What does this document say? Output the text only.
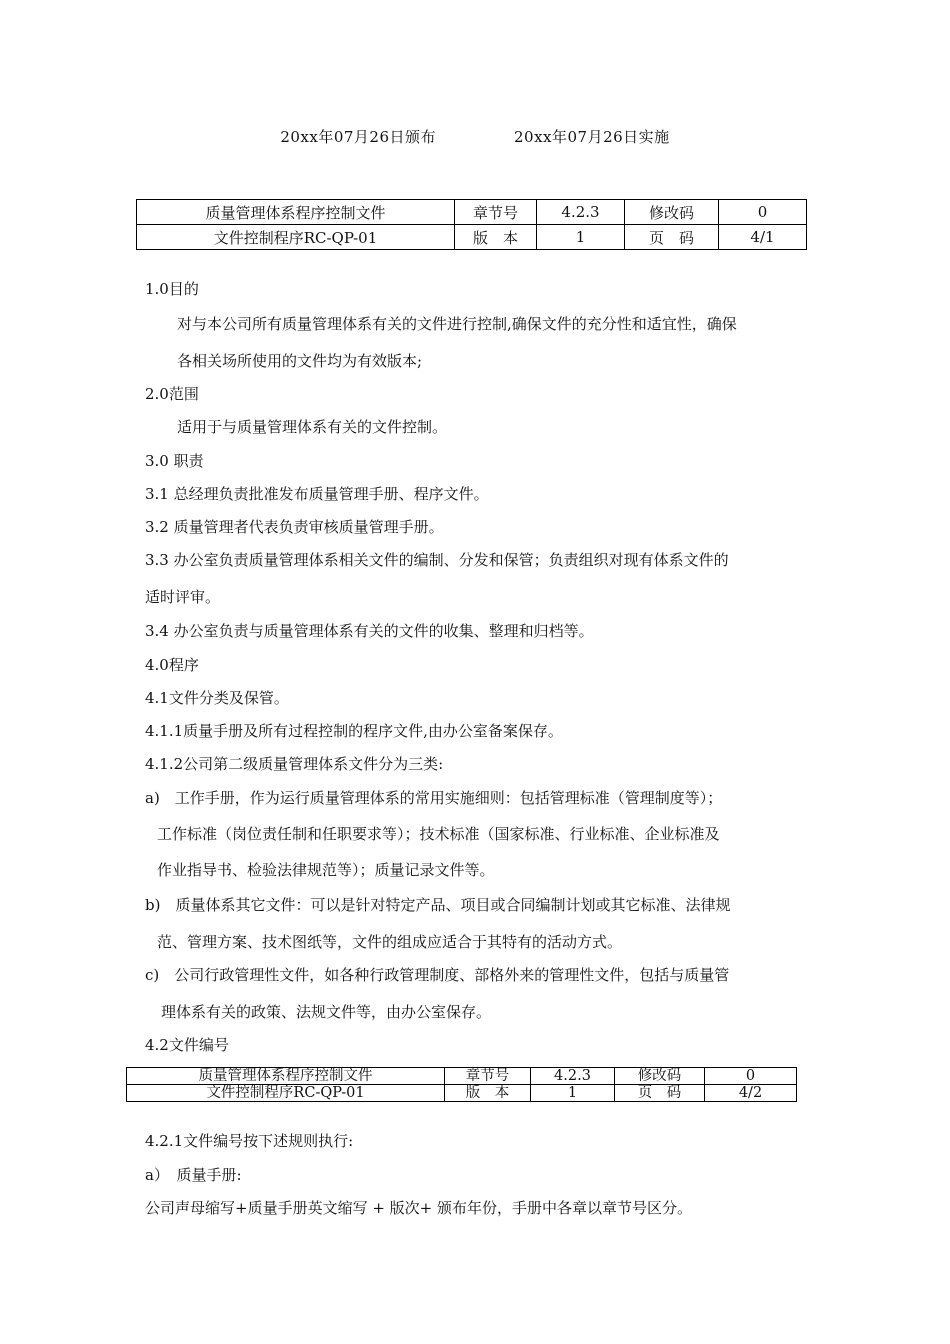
20xx年07月26日颁布	20xx年07月26日实施
质量管理体系程序控制文件	章节号	4.2.3	修改码	0
文件控制程序RC-QP-01	版　本	1	页　码	4/1
1.0目的
对与本公司所有质量管理体系有关的文件进行控制,确保文件的充分性和适宜性，确保
各相关场所使用的文件均为有效版本;
2.0范围
适用于与质量管理体系有关的文件控制。
3.0 职责
3.1 总经理负责批准发布质量管理手册、程序文件。
3.2 质量管理者代表负责审核质量管理手册。
3.3 办公室负责质量管理体系相关文件的编制、分发和保管；负责组织对现有体系文件的
适时评审。
3.4 办公室负责与质量管理体系有关的文件的收集、整理和归档等。
4.0程序
4.1文件分类及保管。
4.1.1质量手册及所有过程控制的程序文件,由办公室备案保存。
4.1.2公司第二级质量管理体系文件分为三类:
a)　工作手册，作为运行质量管理体系的常用实施细则：包括管理标准（管理制度等）；
工作标准（岗位责任制和任职要求等）；技术标准（国家标准、行业标准、企业标准及
作业指导书、检验法律规范等）；质量记录文件等。
b)　质量体系其它文件：可以是针对特定产品、项目或合同编制计划或其它标准、法律规
范、管理方案、技术图纸等，文件的组成应适合于其特有的活动方式。
c)　公司行政管理性文件，如各种行政管理制度、部格外来的管理性文件，包括与质量管
理体系有关的政策、法规文件等，由办公室保存。
4.2文件编号
4.2.1文件编号按下述规则执行:
a）　质量手册:
公司声母缩写+质量手册英文缩写 + 版次+ 颁布年份，手册中各章以章节号区分。
质量管理体系程序控制文件	章节号	4.2.3	修改码	0
文件控制程序RC-QP-01	版　本	1	页　码	4/2
